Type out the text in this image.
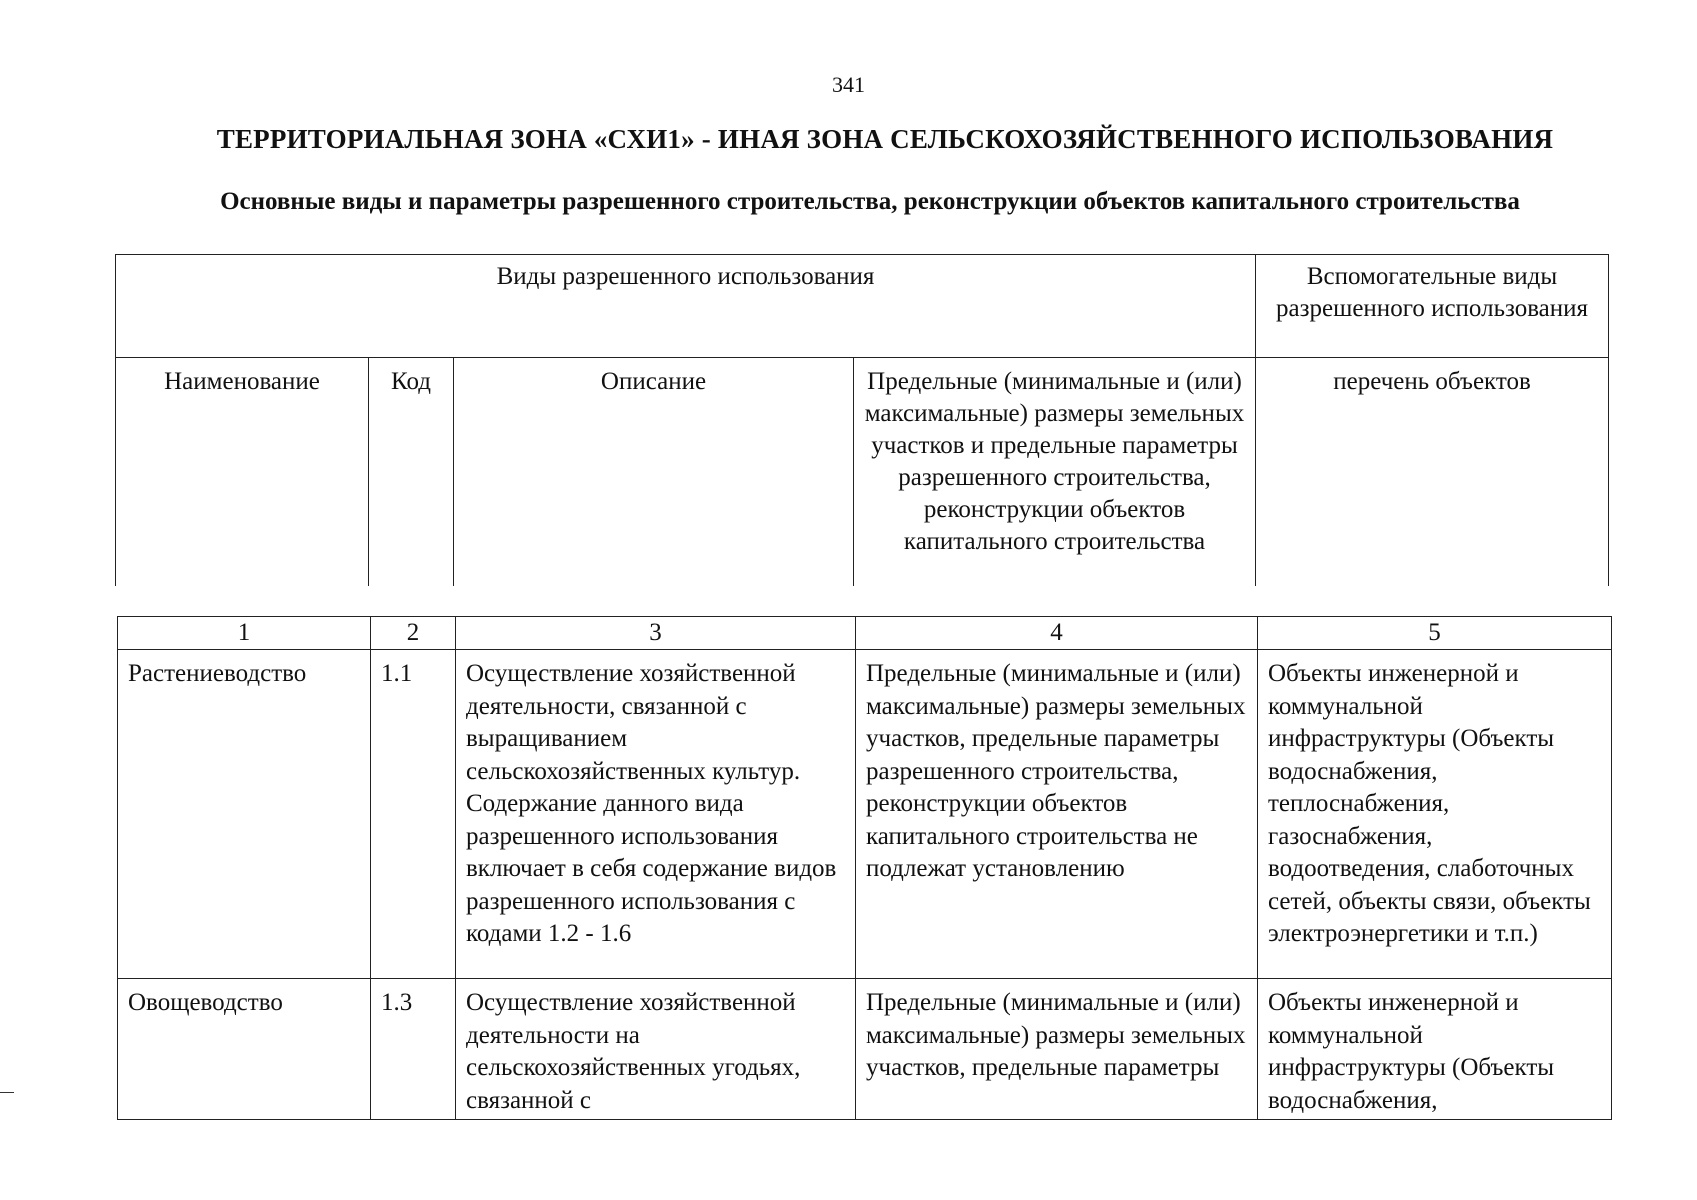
341
ТЕРРИТОРИАЛЬНАЯ ЗОНА «СХИ1» - ИНАЯ ЗОНА СЕЛЬСКОХОЗЯЙСТВЕННОГО ИСПОЛЬЗОВАНИЯ
Основные виды и параметры разрешенного строительства, реконструкции объектов капитального строительства
Виды разрешенного использования				Вспомогательные виды разрешенного использования
Наименование	Код	Описание	Предельные (минимальные и (или) максимальные) размеры земельных участков и предельные параметры разрешенного строительства, реконструкции объектов капитального строительства	перечень объектов
1	2	3	4	5
Растениеводство	1.1	Осуществление хозяйственной деятельности, связанной с выращиванием сельскохозяйственных культур. Содержание данного вида разрешенного использования включает в себя содержание видов разрешенного использования с кодами 1.2 - 1.6	Предельные (минимальные и (или) максимальные) размеры земельных участков, предельные параметры разрешенного строительства, реконструкции объектов капитального строительства не подлежат установлению	Объекты инженерной и коммунальной инфраструктуры (Объекты водоснабжения, теплоснабжения, газоснабжения, водоотведения, слаботочных сетей, объекты связи, объекты электроэнергетики и т.п.)
Овощеводство	1.3	Осуществление хозяйственной деятельности на сельскохозяйственных угодьях, связанной с	Предельные (минимальные и (или) максимальные) размеры земельных участков, предельные параметры	Объекты инженерной и коммунальной инфраструктуры (Объекты водоснабжения,
